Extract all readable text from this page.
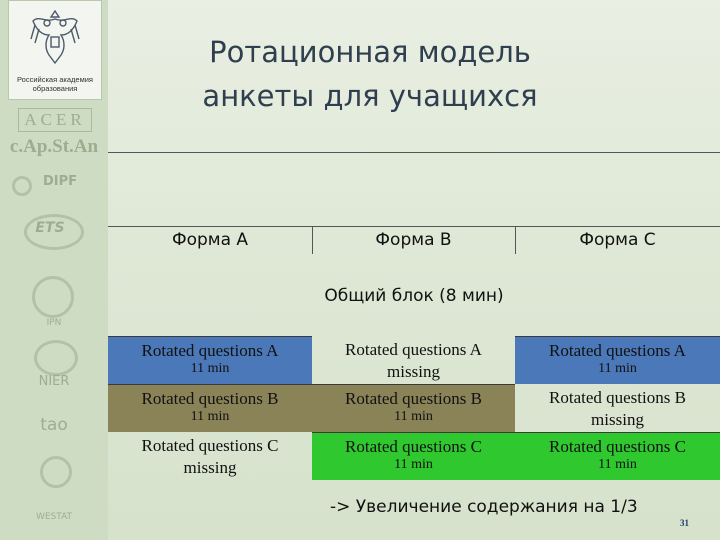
Российская академия
образования
ACER
c.Ap.St.An
DIPF
ETS
IPN
NIER
tao
WESTAT
Ротационная модель
анкеты для учащихся
Форма А	Форма В	Форма С
Общий блок (8 мин)
Rotated questions A
11 min
Rotated questions A
missing
Rotated questions A
11 min
Rotated questions B
11 min
Rotated questions B
11 min
Rotated questions B
missing
Rotated questions C
missing
Rotated questions C
11 min
Rotated questions C
11 min
-> Увеличение содержания на 1/3
31
